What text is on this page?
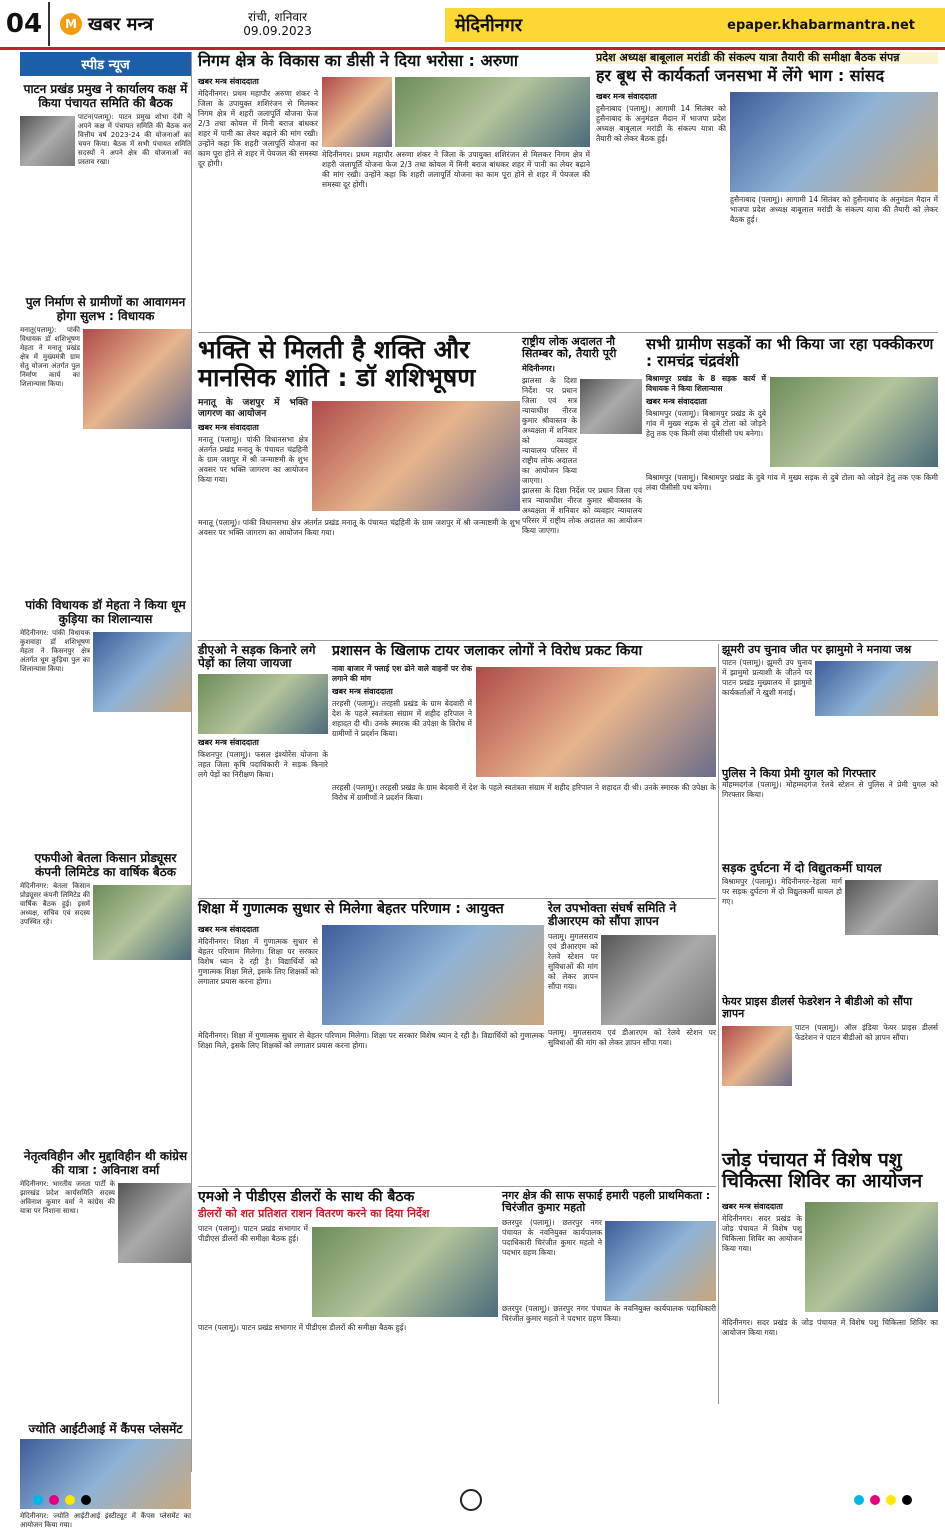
04	M खबर मन्त्र	रांची, शनिवार
09.09.2023	मेदिनीनगर	epaper.khabarmantra.net
स्पीड न्यूज
पाटन प्रखंड प्रमुख ने कार्यालय कक्ष में किया पंचायत समिति की बैठक
पाटन(पलामू): पाटन प्रमुख शोभा देवी ने अपने कक्ष में पंचायत समिति की बैठक कर वित्तीय वर्ष 2023-24 की योजनाओं का चयन किया। बैठक में सभी पंचायत समिति सदस्यों ने अपने क्षेत्र की योजनाओं का प्रस्ताव रखा।
पुल निर्माण से ग्रामीणों का आवागमन होगा सुलभ : विधायक
मनातू(पलामू): पांकी विधायक डॉ शशिभूषण मेहता ने मनातू प्रखंड क्षेत्र में मुख्यमंत्री ग्राम सेतु योजना अंतर्गत पुल निर्माण कार्य का शिलान्यास किया।
पांकी विधायक डॉ मेहता ने किया धूम कुड़िया का शिलान्यास
मेदिनीनगर: पांकी विधायक कुशवाहा डॉ शशिभूषण मेहता ने किसनपुर क्षेत्र अंतर्गत धूम कुड़िया पुल का शिलान्यास किया।
एफपीओ बेतला किसान प्रोड्यूसर कंपनी लिमिटेड का वार्षिक बैठक
मेदिनीनगर: बेतला किसान प्रोड्यूसर कंपनी लिमिटेड की वार्षिक बैठक हुई। इसमें अध्यक्ष, सचिव एवं सदस्य उपस्थित रहे।
नेतृत्वविहीन और मुद्दाविहीन थी कांग्रेस की यात्रा : अविनाश वर्मा
मेदिनीनगर: भारतीय जनता पार्टी के झारखंड प्रदेश कार्यसमिति सदस्य अविनाश कुमार वर्मा ने कांग्रेस की यात्रा पर निशाना साधा।
ज्योति आईटीआई में कैंपस प्लेसमेंट
मेदिनीनगर: ज्योति आईटीआई इंस्टीट्यूट में कैंपस प्लेसमेंट का आयोजन किया गया।
निगम क्षेत्र के विकास का डीसी ने दिया भरोसा : अरुणा
खबर मन्त्र संवाददाता
मेदिनीनगर। प्रथम महापौर अरुणा शंकर ने जिला के उपायुक्त शशिरंजन से मिलकर निगम क्षेत्र में शहरी जलापूर्ति योजना फेज 2/3 तथा कोयल में मिनी बराज बांधकर शहर में पानी का लेयर बढ़ाने की मांग रखी। उन्होंने कहा कि शहरी जलापूर्ति योजना का काम पूरा होने से शहर में पेयजल की समस्या दूर होगी।
मेदिनीनगर। प्रथम महापौर अरुणा शंकर ने जिला के उपायुक्त शशिरंजन से मिलकर निगम क्षेत्र में शहरी जलापूर्ति योजना फेज 2/3 तथा कोयल में मिनी बराज बांधकर शहर में पानी का लेयर बढ़ाने की मांग रखी। उन्होंने कहा कि शहरी जलापूर्ति योजना का काम पूरा होने से शहर में पेयजल की समस्या दूर होगी।
प्रदेश अध्यक्ष बाबूलाल मरांडी की संकल्प यात्रा तैयारी की समीक्षा बैठक संपन्न
हर बूथ से कार्यकर्ता जनसभा में लेंगे भाग : सांसद
खबर मन्त्र संवाददाता
हुसैनाबाद (पलामू)। आगामी 14 सितंबर को हुसैनाबाद के अनुमंडल मैदान में भाजपा प्रदेश अध्यक्ष बाबूलाल मरांडी के संकल्प यात्रा की तैयारी को लेकर बैठक हुई।
हुसैनाबाद (पलामू)। आगामी 14 सितंबर को हुसैनाबाद के अनुमंडल मैदान में भाजपा प्रदेश अध्यक्ष बाबूलाल मरांडी के संकल्प यात्रा की तैयारी को लेकर बैठक हुई।
भक्ति से मिलती है शक्ति और मानसिक शांति : डॉ शशिभूषण
मनातू के जशपुर में भक्ति जागरण का आयोजन
खबर मन्त्र संवाददाता
मनातू (पलामू)। पांकी विधानसभा क्षेत्र अंतर्गत प्रखंड मनातू के पंचायत चंद्रहिनी के ग्राम जशपुर में श्री जन्माष्टमी के शुभ अवसर पर भक्ति जागरण का आयोजन किया गया।
मनातू (पलामू)। पांकी विधानसभा क्षेत्र अंतर्गत प्रखंड मनातू के पंचायत चंद्रहिनी के ग्राम जशपुर में श्री जन्माष्टमी के शुभ अवसर पर भक्ति जागरण का आयोजन किया गया।
राष्ट्रीय लोक अदालत नौ सितम्बर को, तैयारी पूरी
मेदिनीनगर।
झालसा के दिशा निर्देश पर प्रधान जिला एवं सत्र न्यायाधीश नीरज कुमार श्रीवास्तव के अध्यक्षता में शनिवार को व्यवहार न्यायालय परिसर में राष्ट्रीय लोक अदालत का आयोजन किया जाएगा।
झालसा के दिशा निर्देश पर प्रधान जिला एवं सत्र न्यायाधीश नीरज कुमार श्रीवास्तव के अध्यक्षता में शनिवार को व्यवहार न्यायालय परिसर में राष्ट्रीय लोक अदालत का आयोजन किया जाएगा।
सभी ग्रामीण सड़कों का भी किया जा रहा पक्कीकरण : रामचंद्र चंद्रवंशी
बिश्रामपुर प्रखंड के 8 सड़क कार्य में विधायक ने किया शिलान्यास
खबर मन्त्र संवाददाता
बिश्रामपुर (पलामू)। बिश्रामपुर प्रखंड के दुबे गांव में मुख्य सड़क से दुबे टोला को जोड़ने हेतु तक एक किमी लंबा पीसीसी पथ बनेगा।
बिश्रामपुर (पलामू)। बिश्रामपुर प्रखंड के दुबे गांव में मुख्य सड़क से दुबे टोला को जोड़ने हेतु तक एक किमी लंबा पीसीसी पथ बनेगा।
डीएओ ने सड़क किनारे लगे पेड़ों का लिया जायजा
खबर मन्त्र संवाददाता
किशनपुर (पलामू)। फसल इंश्योरेंस योजना के तहत जिला कृषि पदाधिकारी ने सड़क किनारे लगे पेड़ों का निरीक्षण किया।
प्रशासन के खिलाफ टायर जलाकर लोगों ने विरोध प्रकट किया
नावा बाजार में फ्लाई एश ढोने वाले वाहनों पर रोक लगाने की मांग
खबर मन्त्र संवाददाता
तरहसी (पलामू)। तरहसी प्रखंड के ग्राम बेदवारी में देश के पहले स्वतंत्रता संग्राम में शहीद हरिपाल ने शहादत दी थी। उनके स्मारक की उपेक्षा के विरोध में ग्रामीणों ने प्रदर्शन किया।
तरहसी (पलामू)। तरहसी प्रखंड के ग्राम बेदवारी में देश के पहले स्वतंत्रता संग्राम में शहीद हरिपाल ने शहादत दी थी। उनके स्मारक की उपेक्षा के विरोध में ग्रामीणों ने प्रदर्शन किया।
झूमरी उप चुनाव जीत पर झामुमो ने मनाया जश्न
पाटन (पलामू)। झूमरी उप चुनाव में झामुमो प्रत्याशी के जीतने पर पाटन प्रखंड मुख्यालय में झामुमो कार्यकर्ताओं ने खुशी मनाई।
पुलिस ने किया प्रेमी युगल को गिरफ्तार
मोहम्मदगंज (पलामू)। मोहम्मदगंज रेलवे स्टेशन से पुलिस ने प्रेमी युगल को गिरफ्तार किया।
सड़क दुर्घटना में दो विद्युतकर्मी घायल
बिश्रामपुर (पलामू)। मेदिनीनगर–रेहला मार्ग पर सड़क दुर्घटना में दो विद्युतकर्मी घायल हो गए।
फेयर प्राइस डीलर्स फेडरेशन ने बीडीओ को सौंपा ज्ञापन
पाटन (पलामू)। ऑल इंडिया फेयर प्राइस डीलर्स फेडरेशन ने पाटन बीडीओ को ज्ञापन सौंपा।
शिक्षा में गुणात्मक सुधार से मिलेगा बेहतर परिणाम : आयुक्त
खबर मन्त्र संवाददाता
मेदिनीनगर। शिक्षा में गुणात्मक सुधार से बेहतर परिणाम मिलेगा। शिक्षा पर सरकार विशेष ध्यान दे रही है। विद्यार्थियों को गुणात्मक शिक्षा मिले, इसके लिए शिक्षकों को लगातार प्रयास करना होगा।
मेदिनीनगर। शिक्षा में गुणात्मक सुधार से बेहतर परिणाम मिलेगा। शिक्षा पर सरकार विशेष ध्यान दे रही है। विद्यार्थियों को गुणात्मक शिक्षा मिले, इसके लिए शिक्षकों को लगातार प्रयास करना होगा।
रेल उपभोक्ता संघर्ष समिति ने डीआरएम को सौंपा ज्ञापन
पलामू। मुगलसराय एवं डीआरएम को रेलवे स्टेशन पर सुविधाओं की मांग को लेकर ज्ञापन सौंपा गया।
पलामू। मुगलसराय एवं डीआरएम को रेलवे स्टेशन पर सुविधाओं की मांग को लेकर ज्ञापन सौंपा गया।
एमओ ने पीडीएस डीलरों के साथ की बैठक
डीलरों को शत प्रतिशत राशन वितरण करने का दिया निर्देश
पाटन (पलामू)। पाटन प्रखंड सभागार में पीडीएस डीलरों की समीक्षा बैठक हुई।
पाटन (पलामू)। पाटन प्रखंड सभागार में पीडीएस डीलरों की समीक्षा बैठक हुई।
नगर क्षेत्र की साफ सफाई हमारी पहली प्राथमिकता : चिरंजीत कुमार महतो
छतरपुर (पलामू)। छतरपुर नगर पंचायत के नवनियुक्त कार्यपालक पदाधिकारी चिरंजीत कुमार महतो ने पदभार ग्रहण किया।
छतरपुर (पलामू)। छतरपुर नगर पंचायत के नवनियुक्त कार्यपालक पदाधिकारी चिरंजीत कुमार महतो ने पदभार ग्रहण किया।
जोड़ पंचायत में विशेष पशु चिकित्सा शिविर का आयोजन
खबर मन्त्र संवाददाता
मेदिनीनगर। सदर प्रखंड के जोड़ पंचायत में विशेष पशु चिकित्सा शिविर का आयोजन किया गया।
मेदिनीनगर। सदर प्रखंड के जोड़ पंचायत में विशेष पशु चिकित्सा शिविर का आयोजन किया गया।
